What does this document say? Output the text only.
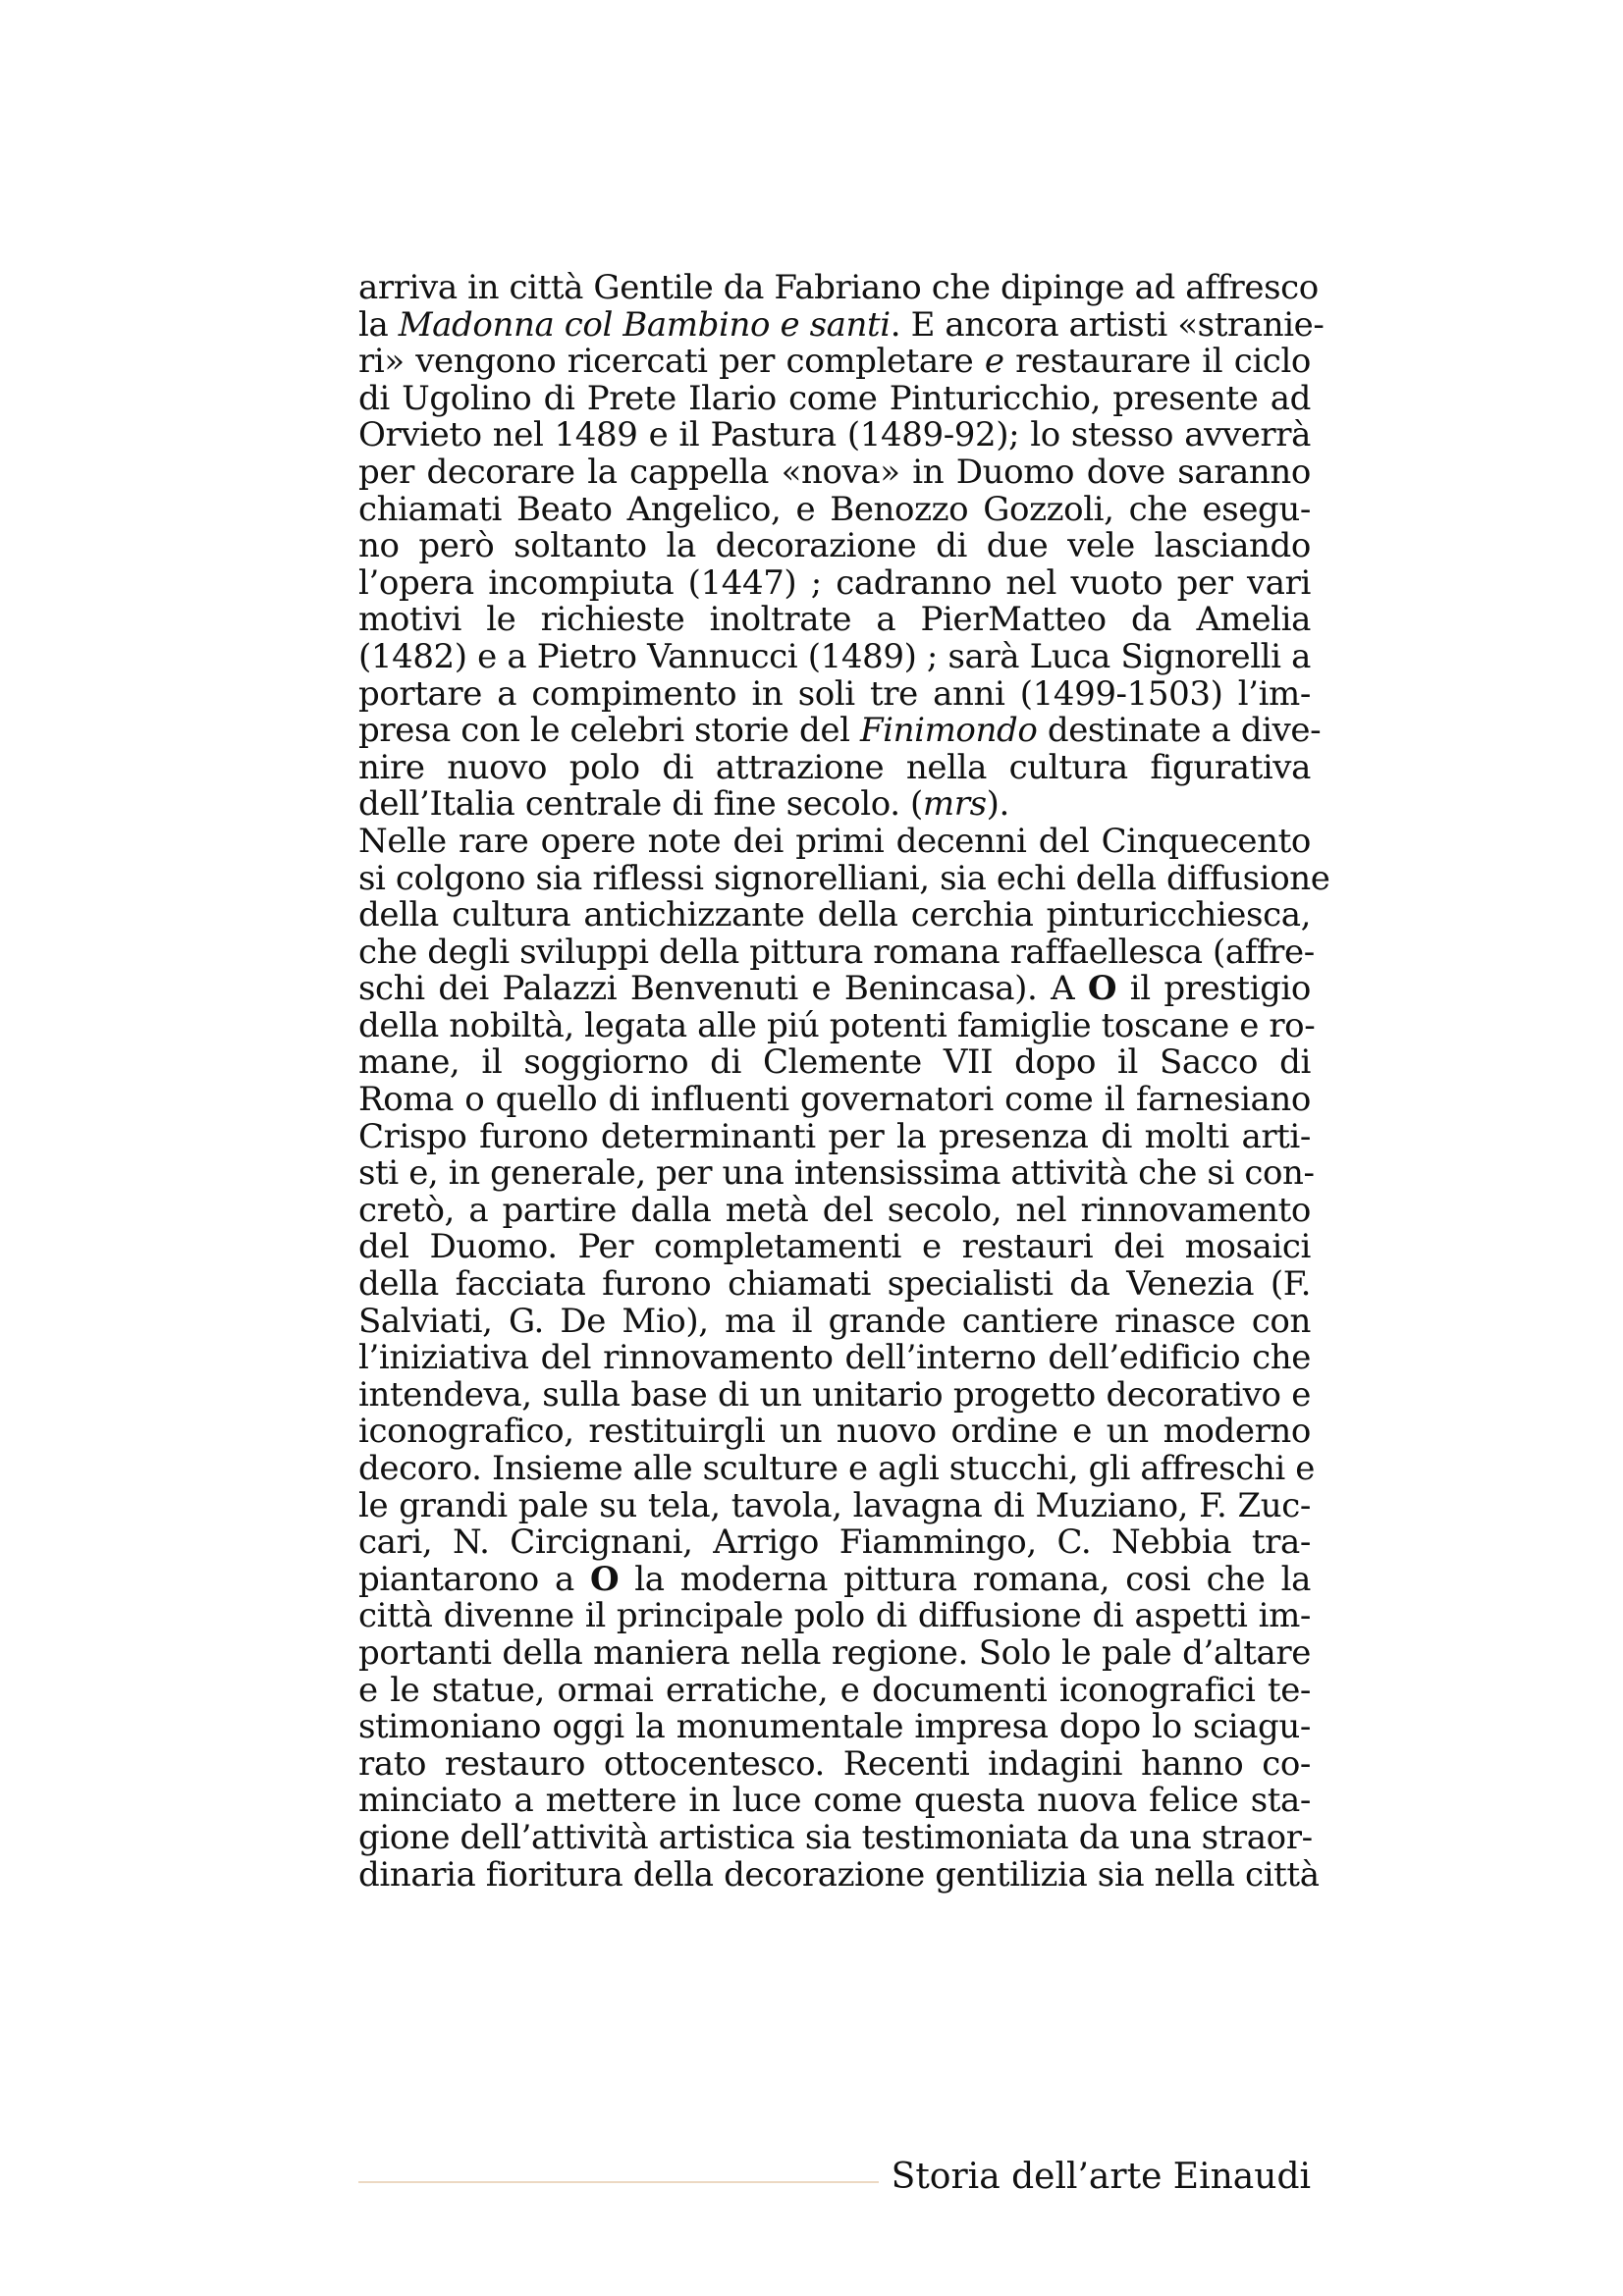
arriva in città Gentile da Fabriano che dipinge ad affresco
la Madonna col Bambino e santi. E ancora artisti «stranie-
ri» vengono ricercati per completare e restaurare il ciclo
di Ugolino di Prete Ilario come Pinturicchio, presente ad
Orvieto nel 1489 e il Pastura (1489-92); lo stesso avverrà
per decorare la cappella «nova» in Duomo dove saranno
chiamati Beato Angelico, e Benozzo Gozzoli, che esegu-
no però soltanto la decorazione di due vele lasciando
l’opera incompiuta (1447) ; cadranno nel vuoto per vari
motivi le richieste inoltrate a PierMatteo da Amelia
(1482) e a Pietro Vannucci (1489) ; sarà Luca Signorelli a
portare a compimento in soli tre anni (1499-1503) l’im-
presa con le celebri storie del Finimondo destinate a dive-
nire nuovo polo di attrazione nella cultura figurativa
dell’Italia centrale di fine secolo. (mrs).
Nelle rare opere note dei primi decenni del Cinquecento
si colgono sia riflessi signorelliani, sia echi della diffusione
della cultura antichizzante della cerchia pinturicchiesca,
che degli sviluppi della pittura romana raffaellesca (affre-
schi dei Palazzi Benvenuti e Benincasa). A O il prestigio
della nobiltà, legata alle piú potenti famiglie toscane e ro-
mane, il soggiorno di Clemente VII dopo il Sacco di
Roma o quello di influenti governatori come il farnesiano
Crispo furono determinanti per la presenza di molti arti-
sti e, in generale, per una intensissima attività che si con-
cretò, a partire dalla metà del secolo, nel rinnovamento
del Duomo. Per completamenti e restauri dei mosaici
della facciata furono chiamati specialisti da Venezia (F.
Salviati, G. De Mio), ma il grande cantiere rinasce con
l’iniziativa del rinnovamento dell’interno dell’edificio che
intendeva, sulla base di un unitario progetto decorativo e
iconografico, restituirgli un nuovo ordine e un moderno
decoro. Insieme alle sculture e agli stucchi, gli affreschi e
le grandi pale su tela, tavola, lavagna di Muziano, F. Zuc-
cari, N. Circignani, Arrigo Fiammingo, C. Nebbia tra-
piantarono a O la moderna pittura romana, cosi che la
città divenne il principale polo di diffusione di aspetti im-
portanti della maniera nella regione. Solo le pale d’altare
e le statue, ormai erratiche, e documenti iconografici te-
stimoniano oggi la monumentale impresa dopo lo sciagu-
rato restauro ottocentesco. Recenti indagini hanno co-
minciato a mettere in luce come questa nuova felice sta-
gione dell’attività artistica sia testimoniata da una straor-
dinaria fioritura della decorazione gentilizia sia nella città
Storia dell’arte Einaudi
